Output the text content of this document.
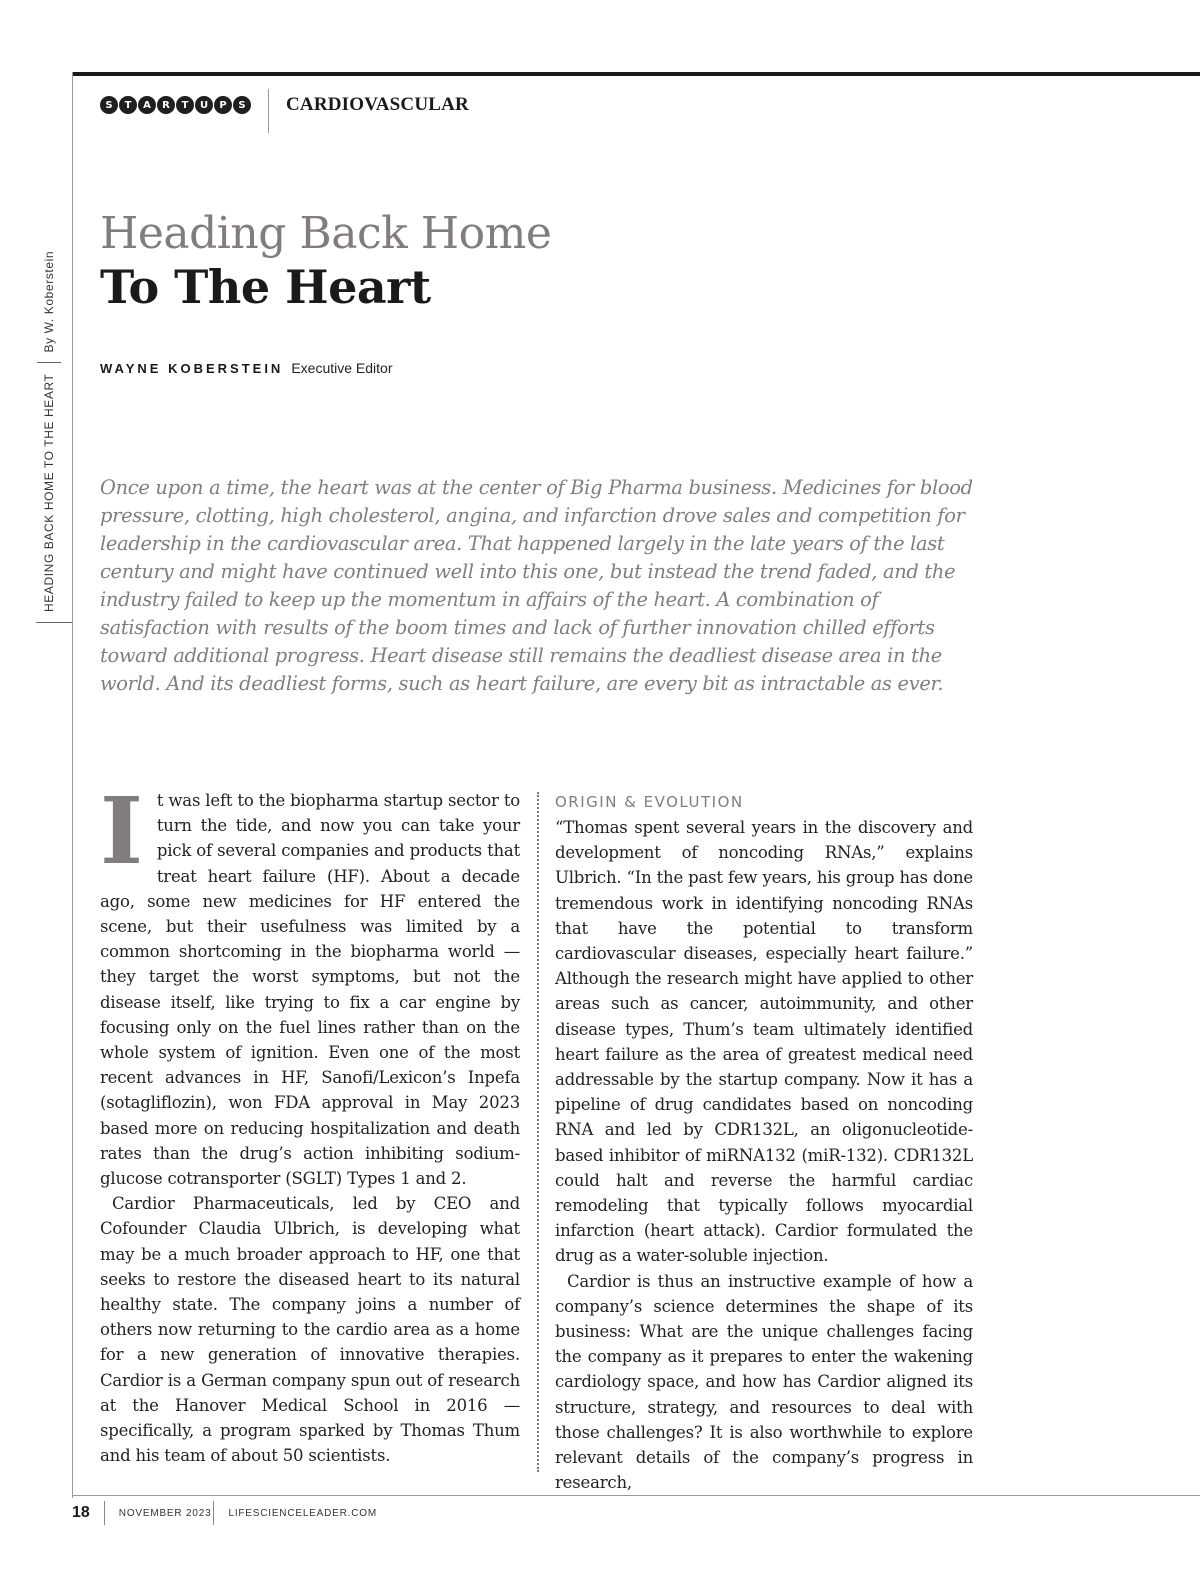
S	T	A	R	T	U	P	S CARDIOVASCULAR
HEADING BACK HOME TO THE HEART
By W. Koberstein
Heading Back Home
To The Heart
WAYNE KOBERSTEIN Executive Editor

Once upon a time, the heart was at the center of Big Pharma business. Medicines for blood pressure, clotting, high cholesterol, angina, and infarction drove sales and competition for leadership in the cardiovascular area. That happened largely in the late years of the last century and might have continued well into this one, but instead the trend faded, and the industry failed to keep up the momentum in affairs of the heart. A combination of satisfaction with results of the boom times and lack of further innovation chilled efforts toward additional progress. Heart disease still remains the deadliest disease area in the world. And its deadliest forms, such as heart failure, are every bit as intractable as ever.

It was left to the biopharma startup sector to turn the tide, and now you can take your pick of several companies and products that treat heart failure (HF). About a decade ago, some new medicines for HF entered the scene, but their usefulness was limited by a common shortcoming in the biopharma world — they target the worst symptoms, but not the disease itself, like trying to fix a car engine by focusing only on the fuel lines rather than on the whole system of ignition. Even one of the most recent advances in HF, Sanofi/Lexicon’s Inpefa (sotagliflozin), won FDA approval in May 2023 based more on reducing hospitalization and death rates than the drug’s action inhibiting sodium-glucose cotransporter (SGLT) Types 1 and 2.

Cardior Pharmaceuticals, led by CEO and Cofounder Claudia Ulbrich, is developing what may be a much broader approach to HF, one that seeks to restore the diseased heart to its natural healthy state. The company joins a number of others now returning to the cardio area as a home for a new generation of innovative therapies. Cardior is a German company spun out of research at the Hanover Medical School in 2016 — specifically, a program sparked by Thomas Thum and his team of about 50 scientists.

ORIGIN & EVOLUTION

“Thomas spent several years in the discovery and development of noncoding RNAs,” explains Ulbrich. “In the past few years, his group has done tremendous work in identifying noncoding RNAs that have the potential to transform cardiovascular diseases, especially heart failure.” Although the research might have applied to other areas such as cancer, autoimmunity, and other disease types, Thum’s team ultimately identified heart failure as the area of greatest medical need addressable by the startup company. Now it has a pipeline of drug candidates based on noncoding RNA and led by CDR132L, an oligonucleotide-based inhibitor of miRNA132 (miR-132). CDR132L could halt and reverse the harmful cardiac remodeling that typically follows myocardial infarction (heart attack). Cardior formulated the drug as a water-soluble injection.

Cardior is thus an instructive example of how a company’s science determines the shape of its business: What are the unique challenges facing the company as it prepares to enter the wakening cardiology space, and how has Cardior aligned its structure, strategy, and resources to deal with those challenges? It is also worthwhile to explore relevant details of the company’s progress in research,

18	NOVEMBER 2023 LIFESCIENCELEADER.COM
